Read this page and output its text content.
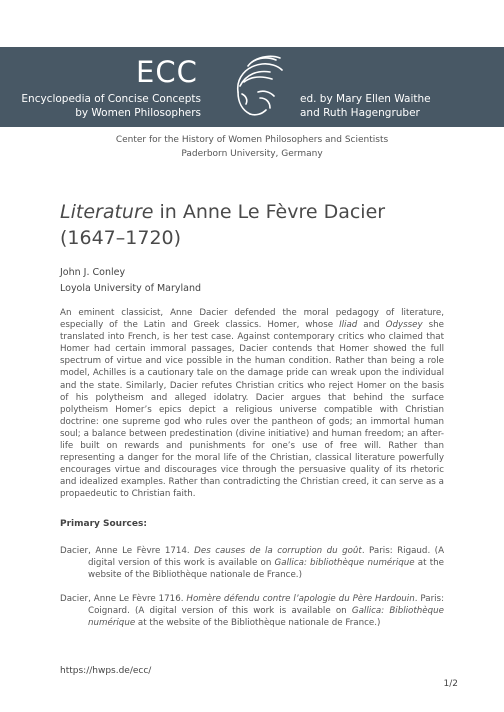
ECC
Encyclopedia of Concise Concepts
by Women Philosophers
ed. by Mary Ellen Waithe
and Ruth Hagengruber
Center for the History of Women Philosophers and Scientists
Paderborn University, Germany
Literature in Anne Le Fèvre Dacier
(1647–1720)
John J. Conley
Loyola University of Maryland
An eminent classicist, Anne Dacier defended the moral pedagogy of literature, especially of the Latin and Greek classics. Homer, whose Iliad and Odyssey she translated into French, is her test case. Against contemporary critics who claimed that Homer had certain immoral passages, Dacier contends that Homer showed the full spectrum of virtue and vice possible in the human condition. Rather than being a role model, Achilles is a cautionary tale on the damage pride can wreak upon the individual and the state. Similarly, Dacier refutes Christian critics who reject Homer on the basis of his polytheism and alleged idolatry. Dacier argues that behind the surface polytheism Homer’s epics depict a religious universe compatible with Christian doctrine: one supreme god who rules over the pantheon of gods; an immortal human soul; a balance between predestination (divine initiative) and human freedom; an after-life built on rewards and punishments for one’s use of free will. Rather than representing a danger for the moral life of the Christian, classical literature powerfully encourages virtue and discourages vice through the persuasive quality of its rhetoric and idealized examples. Rather than contradicting the Christian creed, it can serve as a propaedeutic to Christian faith.
Primary Sources:
Dacier, Anne Le Fèvre 1714. Des causes de la corruption du goût. Paris: Rigaud. (A digital version of this work is available on Gallica: bibliothèque numérique at the website of the Bibliothèque nationale de France.)
Dacier, Anne Le Fèvre 1716. Homère défendu contre l’apologie du Père Hardouin. Paris: Coignard. (A digital version of this work is available on Gallica: Bibliothèque numérique at the website of the Bibliothèque nationale de France.)
https://hwps.de/ecc/
1/2
